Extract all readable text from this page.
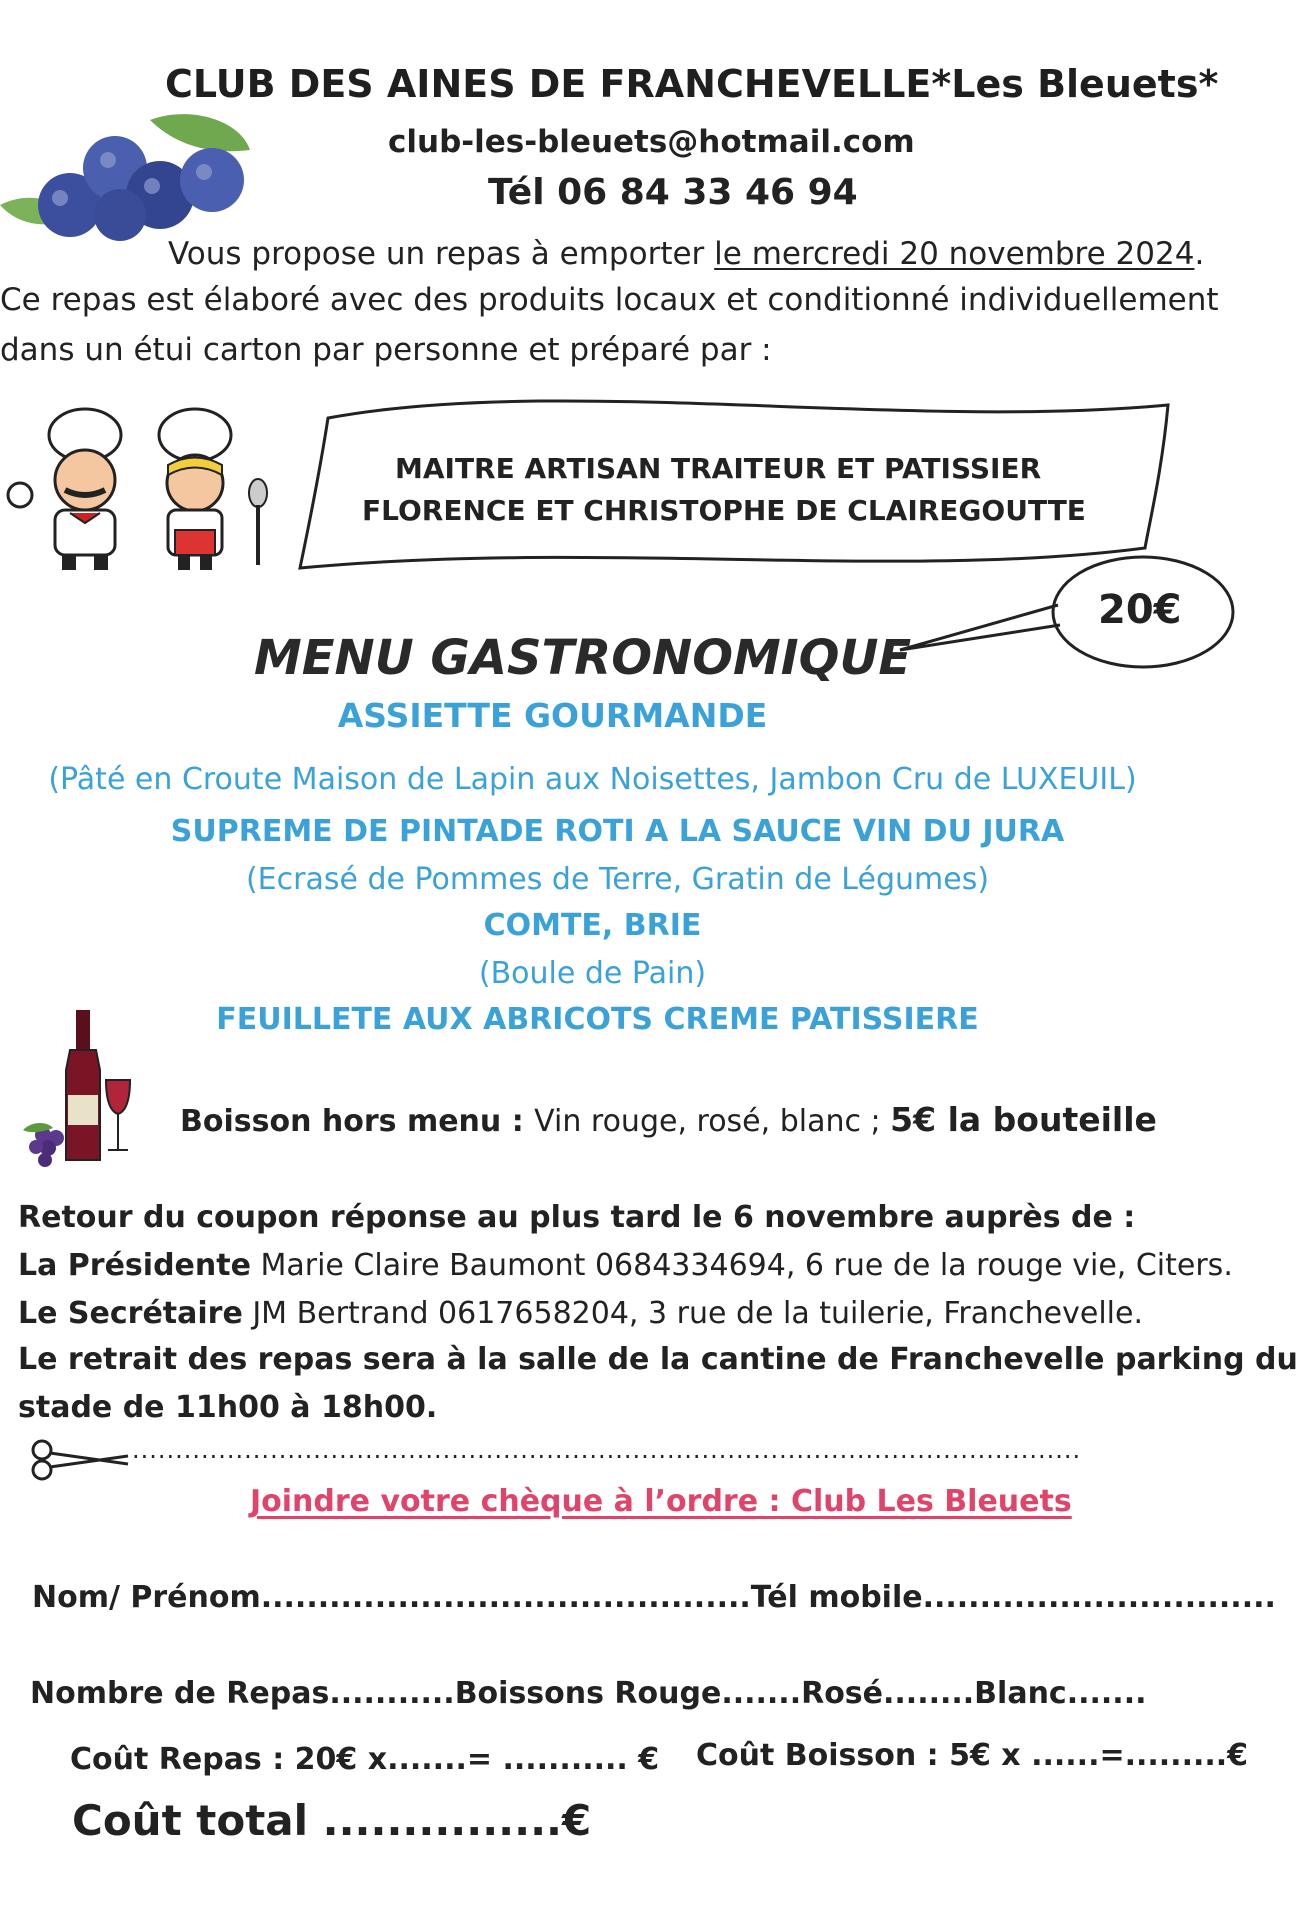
CLUB DES AINES DE FRANCHEVELLE*Les Bleuets*
club-les-bleuets@hotmail.com
Tél 06 84 33 46 94
Vous propose un repas à emporter le mercredi 20 novembre 2024.
Ce repas est élaboré avec des produits locaux et conditionné individuellement
dans un étui carton par personne et préparé par :
MAITRE ARTISAN TRAITEUR ET PATISSIER
FLORENCE ET CHRISTOPHE DE CLAIREGOUTTE
20€
MENU GASTRONOMIQUE
ASSIETTE GOURMANDE
(Pâté en Croute Maison de Lapin aux Noisettes, Jambon Cru de LUXEUIL)
SUPREME DE PINTADE ROTI A LA SAUCE VIN DU JURA
(Ecrasé de Pommes de Terre, Gratin de Légumes)
COMTE, BRIE
(Boule de Pain)
FEUILLETE AUX ABRICOTS CREME PATISSIERE
Boisson hors menu : Vin rouge, rosé, blanc ; 5€ la bouteille
Retour du coupon réponse au plus tard le 6 novembre auprès de :
La Présidente Marie Claire Baumont 0684334694, 6 rue de la rouge vie, Citers.
Le Secrétaire JM Bertrand 0617658204, 3 rue de la tuilerie, Franchevelle.
Le retrait des repas sera à la salle de la cantine de Franchevelle parking du
stade de 11h00 à 18h00.
..............................................................................................................
Joindre votre chèque à l’ordre : Club Les Bleuets
Nom/ Prénom...........................................Tél mobile...............................
Nombre de Repas...........Boissons Rouge.......Rosé........Blanc.......
Coût Repas : 20€ x.......= ........... € Coût Boisson : 5€ x ......=.........€
Coût total ...............€
